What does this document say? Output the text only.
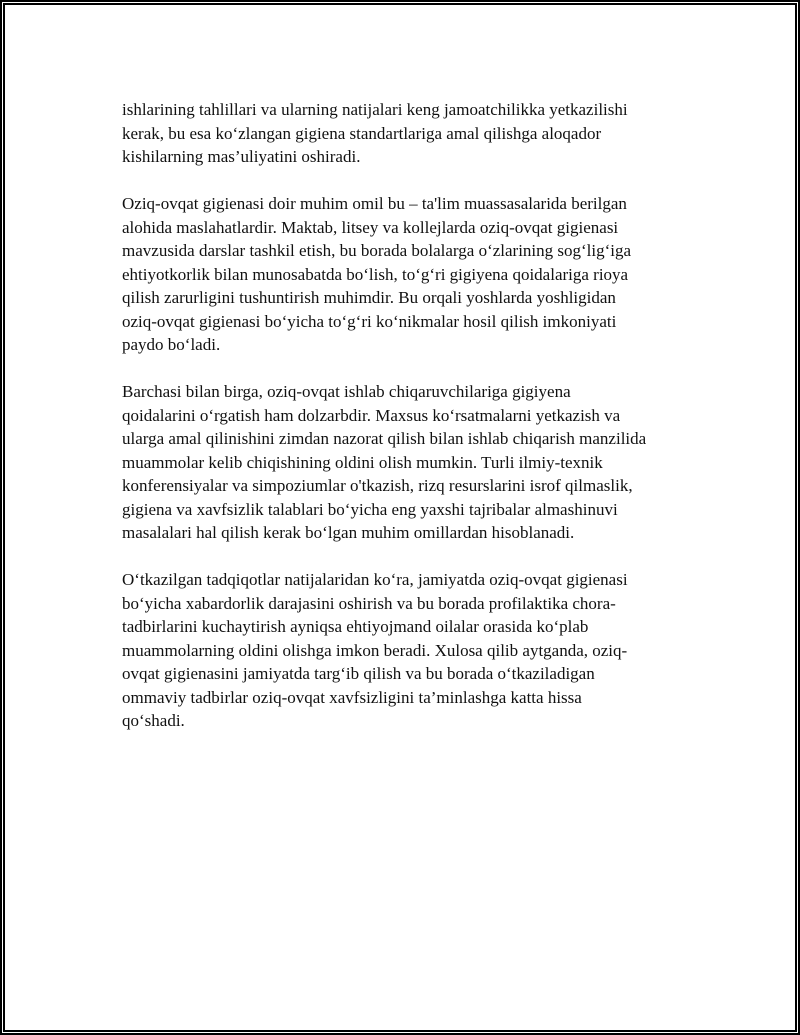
ishlarining tahlillari va ularning natijalari keng jamoatchilikka yetkazilishi
kerak, bu esa koʻzlangan gigiena standartlariga amal qilishga aloqador
kishilarning mas’uliyatini oshiradi.

Oziq-ovqat gigienasi doir muhim omil bu – ta'lim muassasalarida berilgan
alohida maslahatlardir. Maktab, litsey va kollejlarda oziq-ovqat gigienasi
mavzusida darslar tashkil etish, bu borada bolalarga oʻzlarining sogʻligʻiga
ehtiyotkorlik bilan munosabatda boʻlish, toʻgʻri gigiyena qoidalariga rioya
qilish zarurligini tushuntirish muhimdir. Bu orqali yoshlarda yoshligidan
oziq-ovqat gigienasi boʻyicha toʻgʻri koʻnikmalar hosil qilish imkoniyati
paydo boʻladi.

Barchasi bilan birga, oziq-ovqat ishlab chiqaruvchilariga gigiyena
qoidalarini oʻrgatish ham dolzarbdir. Maxsus koʻrsatmalarni yetkazish va
ularga amal qilinishini zimdan nazorat qilish bilan ishlab chiqarish manzilida
muammolar kelib chiqishining oldini olish mumkin. Turli ilmiy-texnik
konferensiyalar va simpoziumlar o'tkazish, rizq resurslarini isrof qilmaslik,
gigiena va xavfsizlik talablari boʻyicha eng yaxshi tajribalar almashinuvi
masalalari hal qilish kerak boʻlgan muhim omillardan hisoblanadi.

Oʻtkazilgan tadqiqotlar natijalaridan koʻra, jamiyatda oziq-ovqat gigienasi
boʻyicha xabardorlik darajasini oshirish va bu borada profilaktika chora-
tadbirlarini kuchaytirish ayniqsa ehtiyojmand oilalar orasida koʻplab
muammolarning oldini olishga imkon beradi. Xulosa qilib aytganda, oziq-
ovqat gigienasini jamiyatda targʻib qilish va bu borada oʻtkaziladigan
ommaviy tadbirlar oziq-ovqat xavfsizligini ta’minlashga katta hissa
qoʻshadi.
